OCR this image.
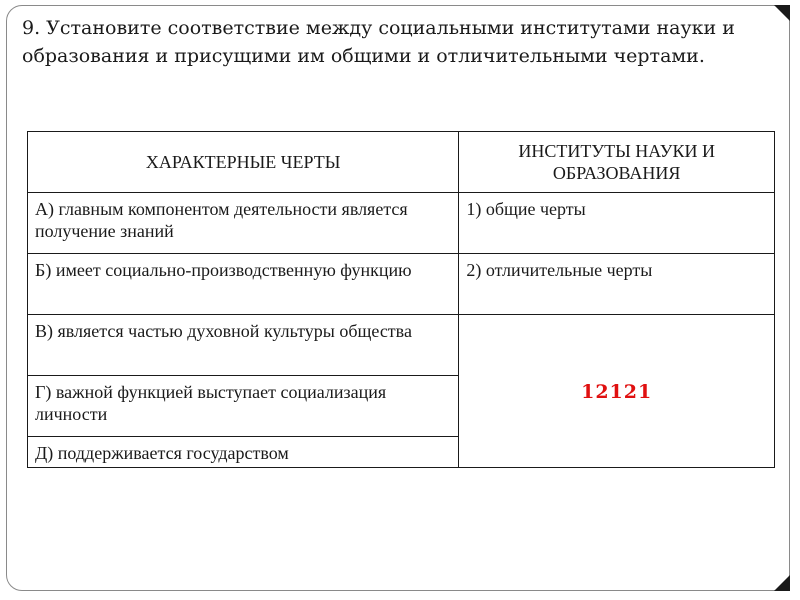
9. Установите соответствие между социальными институтами науки и образования и присущими им общими и отличительными чертами.
ХАРАКТЕРНЫЕ ЧЕРТЫ	ИНСТИТУТЫ НАУКИ И ОБРАЗОВАНИЯ
А) главным компонентом деятельности является получение знаний	1) общие черты
Б) имеет социально-производственную функцию	2) отличительные черты
В) является частью духовной культуры общества	12121
Г) важной функцией выступает социализация личности	
Д) поддерживается государством	
